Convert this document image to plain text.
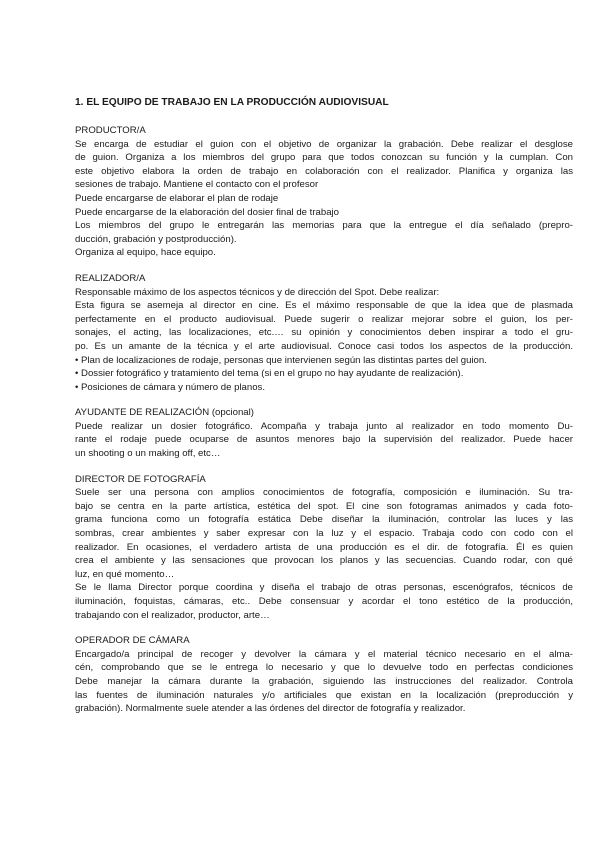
1. EL EQUIPO DE TRABAJO EN LA PRODUCCIÓN AUDIOVISUAL
PRODUCTOR/A
Se encarga de estudiar el guion con el objetivo de organizar la grabación. Debe realizar el desglose
de guion. Organiza a los miembros del grupo para que todos conozcan su función y la cumplan. Con
este objetivo elabora la orden de trabajo en colaboración con el realizador. Planifica y organiza las
sesiones de trabajo. Mantiene el contacto con el profesor
Puede encargarse de elaborar el plan de rodaje
Puede encargarse de la elaboración del dosier final de trabajo
Los miembros del grupo le entregarán las memorias para que la entregue el día señalado (prepro-
ducción, grabación y postproducción).
Organiza al equipo, hace equipo.
REALIZADOR/A
Responsable máximo de los aspectos técnicos y de dirección del Spot. Debe realizar:
Esta figura se asemeja al director en cine. Es el máximo responsable de que la idea que de plasmada
perfectamente en el producto audiovisual. Puede sugerir o realizar mejorar sobre el guion, los per-
sonajes, el acting, las localizaciones, etc.… su opinión y conocimientos deben inspirar a todo el gru-
po. Es un amante de la técnica y el arte audiovisual. Conoce casi todos los aspectos de la producción.
• Plan de localizaciones de rodaje, personas que intervienen según las distintas partes del guion.
• Dossier fotográfico y tratamiento del tema (si en el grupo no hay ayudante de realización).
• Posiciones de cámara y número de planos.
AYUDANTE DE REALIZACIÓN (opcional)
Puede realizar un dosier fotográfico. Acompaña y trabaja junto al realizador en todo momento Du-
rante el rodaje puede ocuparse de asuntos menores bajo la supervisión del realizador. Puede hacer
un shooting o un making off, etc…
DIRECTOR DE FOTOGRAFÍA
Suele ser una persona con amplios conocimientos de fotografía, composición e iluminación. Su tra-
bajo se centra en la parte artística, estética del spot. El cine son fotogramas animados y cada foto-
grama funciona como un fotografía estática Debe diseñar la iluminación, controlar las luces y las
sombras, crear ambientes y saber expresar con la luz y el espacio. Trabaja codo con codo con el
realizador. En ocasiones, el verdadero artista de una producción es el dir. de fotografía. Él es quien
crea el ambiente y las sensaciones que provocan los planos y las secuencias. Cuando rodar, con qué
luz, en qué momento…
Se le llama Director porque coordina y diseña el trabajo de otras personas, escenógrafos, técnicos de
iluminación, foquistas, cámaras, etc.. Debe consensuar y acordar el tono estético de la producción,
trabajando con el realizador, productor, arte…
OPERADOR DE CÁMARA
Encargado/a principal de recoger y devolver la cámara y el material técnico necesario en el alma-
cén, comprobando que se le entrega lo necesario y que lo devuelve todo en perfectas condiciones
Debe manejar la cámara durante la grabación, siguiendo las instrucciones del realizador. Controla
las fuentes de iluminación naturales y/o artificiales que existan en la localización (preproducción y
grabación). Normalmente suele atender a las órdenes del director de fotografía y realizador.
